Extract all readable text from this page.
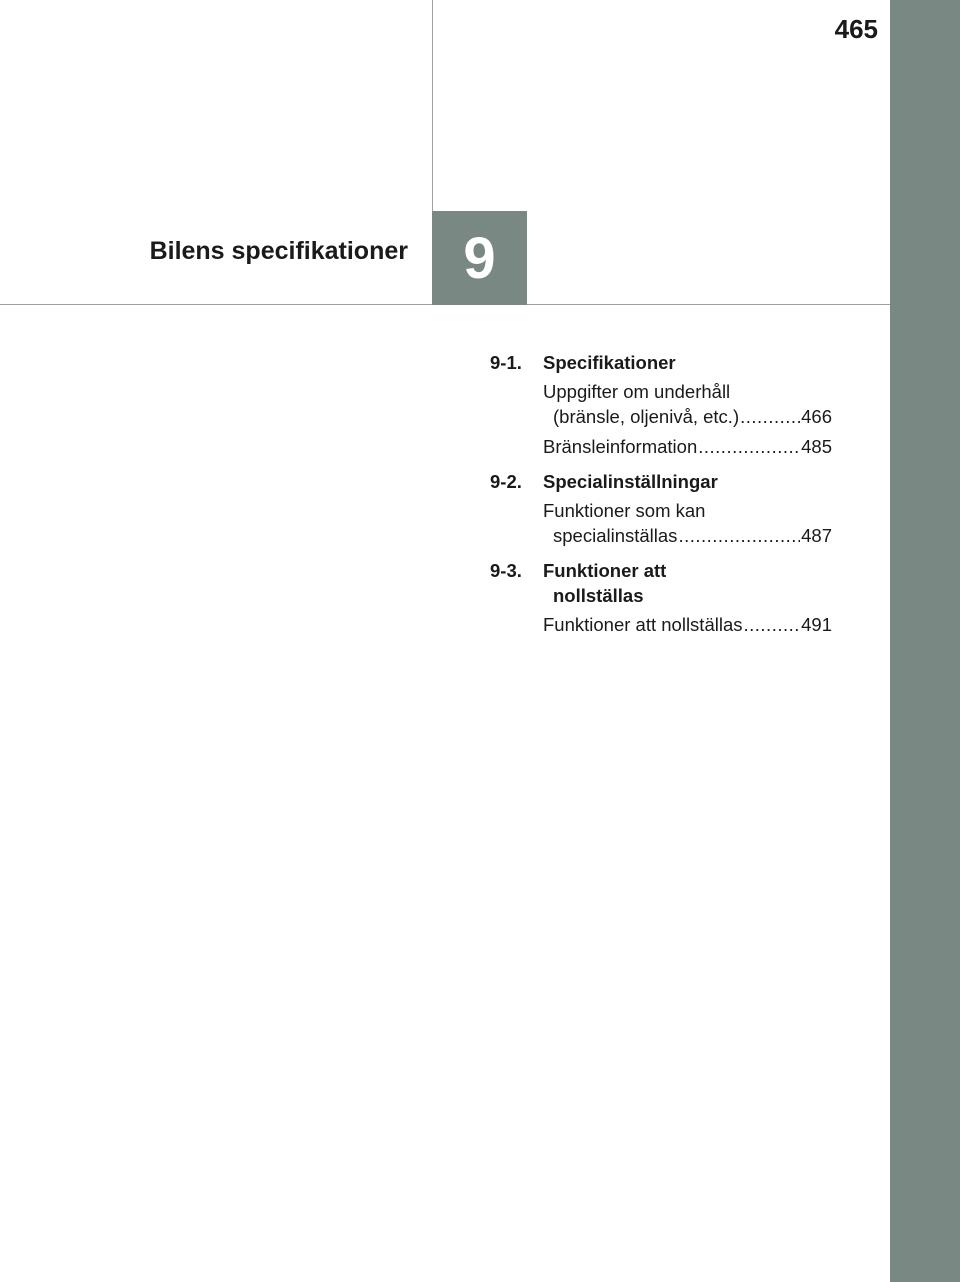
465
Bilens specifikationer 9
9-1.	Specifikationer
Uppgifter om underhåll
(bränsle, oljenivå, etc.) .....	466
Bränsleinformation .....	485
9-2.	Specialinställningar
Funktioner som kan
specialinställas .....	487
9-3.	Funktioner att
nollställas
Funktioner att nollställas .....	491
